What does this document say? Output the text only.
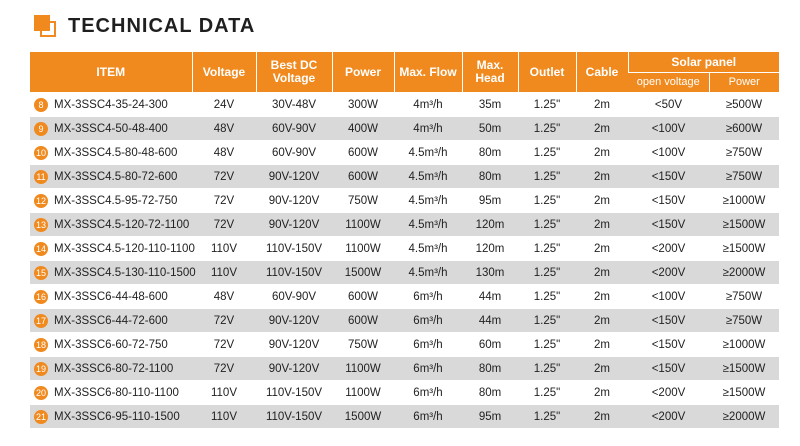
TECHNICAL DATA
ITEM	Voltage	Best DC Voltage	Power	Max. Flow	Max. Head	Outlet	Cable	Solar panel	
								open voltage	Power
8 MX-3SSC4-35-24-300	24V	30V-48V	300W	4m³/h	35m	1.25"	2m	<50V	≥500W
9 MX-3SSC4-50-48-400	48V	60V-90V	400W	4m³/h	50m	1.25"	2m	<100V	≥600W
10 MX-3SSC4.5-80-48-600	48V	60V-90V	600W	4.5m³/h	80m	1.25"	2m	<100V	≥750W
11 MX-3SSC4.5-80-72-600	72V	90V-120V	600W	4.5m³/h	80m	1.25"	2m	<150V	≥750W
12 MX-3SSC4.5-95-72-750	72V	90V-120V	750W	4.5m³/h	95m	1.25"	2m	<150V	≥1000W
13 MX-3SSC4.5-120-72-1100	72V	90V-120V	1100W	4.5m³/h	120m	1.25"	2m	<150V	≥1500W
14 MX-3SSC4.5-120-110-1100	110V	110V-150V	1100W	4.5m³/h	120m	1.25"	2m	<200V	≥1500W
15 MX-3SSC4.5-130-110-1500	110V	110V-150V	1500W	4.5m³/h	130m	1.25"	2m	<200V	≥2000W
16 MX-3SSC6-44-48-600	48V	60V-90V	600W	6m³/h	44m	1.25"	2m	<100V	≥750W
17 MX-3SSC6-44-72-600	72V	90V-120V	600W	6m³/h	44m	1.25"	2m	<150V	≥750W
18 MX-3SSC6-60-72-750	72V	90V-120V	750W	6m³/h	60m	1.25"	2m	<150V	≥1000W
19 MX-3SSC6-80-72-1100	72V	90V-120V	1100W	6m³/h	80m	1.25"	2m	<150V	≥1500W
20 MX-3SSC6-80-110-1100	110V	110V-150V	1100W	6m³/h	80m	1.25"	2m	<200V	≥1500W
21 MX-3SSC6-95-110-1500	110V	110V-150V	1500W	6m³/h	95m	1.25"	2m	<200V	≥2000W
